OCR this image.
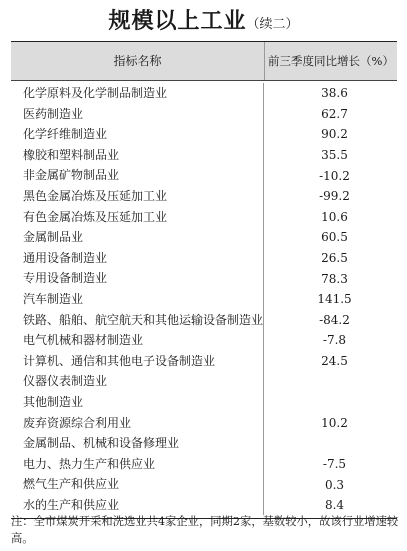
规模以上工业（续二）
指标名称	前三季度同比增长（%）
化学原料及化学制品制造业	38.6
医药制造业	62.7
化学纤维制造业	90.2
橡胶和塑料制品业	35.5
非金属矿物制品业	-10.2
黑色金属冶炼及压延加工业	-99.2
有色金属冶炼及压延加工业	10.6
金属制品业	60.5
通用设备制造业	26.5
专用设备制造业	78.3
汽车制造业	141.5
铁路、船舶、航空航天和其他运输设备制造业	-84.2
电气机械和器材制造业	-7.8
计算机、通信和其他电子设备制造业	24.5
仪器仪表制造业
其他制造业
废弃资源综合利用业	10.2
金属制品、机械和设备修理业
电力、热力生产和供应业	-7.5
燃气生产和供应业	0.3
水的生产和供应业	8.4
注：全市煤炭开采和洗选业共4家企业，同期2家，基数较小，故该行业增速较高。
